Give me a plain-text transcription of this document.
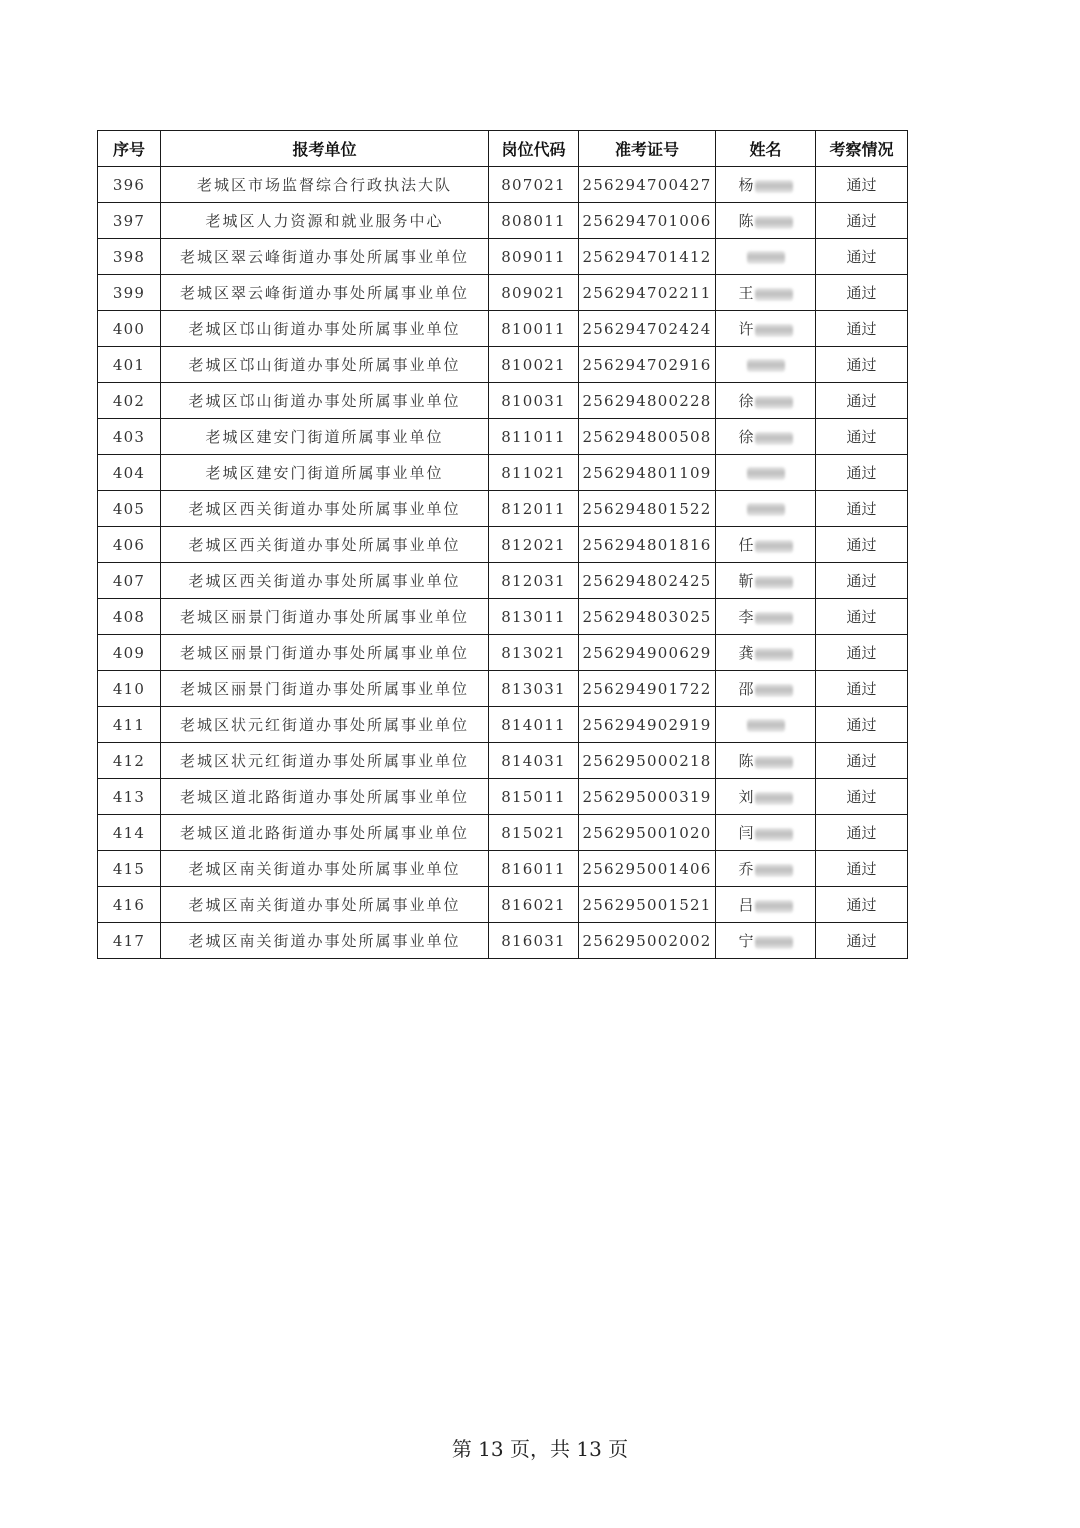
序号	报考单位	岗位代码	准考证号	姓名	考察情况
396	老城区市场监督综合行政执法大队	807021	256294700427	杨	通过
397	老城区人力资源和就业服务中心	808011	256294701006	陈	通过
398	老城区翠云峰街道办事处所属事业单位	809011	256294701412		通过
399	老城区翠云峰街道办事处所属事业单位	809021	256294702211	王	通过
400	老城区邙山街道办事处所属事业单位	810011	256294702424	许	通过
401	老城区邙山街道办事处所属事业单位	810021	256294702916		通过
402	老城区邙山街道办事处所属事业单位	810031	256294800228	徐	通过
403	老城区建安门街道所属事业单位	811011	256294800508	徐	通过
404	老城区建安门街道所属事业单位	811021	256294801109		通过
405	老城区西关街道办事处所属事业单位	812011	256294801522		通过
406	老城区西关街道办事处所属事业单位	812021	256294801816	任	通过
407	老城区西关街道办事处所属事业单位	812031	256294802425	靳	通过
408	老城区丽景门街道办事处所属事业单位	813011	256294803025	李	通过
409	老城区丽景门街道办事处所属事业单位	813021	256294900629	龚	通过
410	老城区丽景门街道办事处所属事业单位	813031	256294901722	邵	通过
411	老城区状元红街道办事处所属事业单位	814011	256294902919		通过
412	老城区状元红街道办事处所属事业单位	814031	256295000218	陈	通过
413	老城区道北路街道办事处所属事业单位	815011	256295000319	刘	通过
414	老城区道北路街道办事处所属事业单位	815021	256295001020	闫	通过
415	老城区南关街道办事处所属事业单位	816011	256295001406	乔	通过
416	老城区南关街道办事处所属事业单位	816021	256295001521	吕	通过
417	老城区南关街道办事处所属事业单位	816031	256295002002	宁	通过
第 13 页，共 13 页
